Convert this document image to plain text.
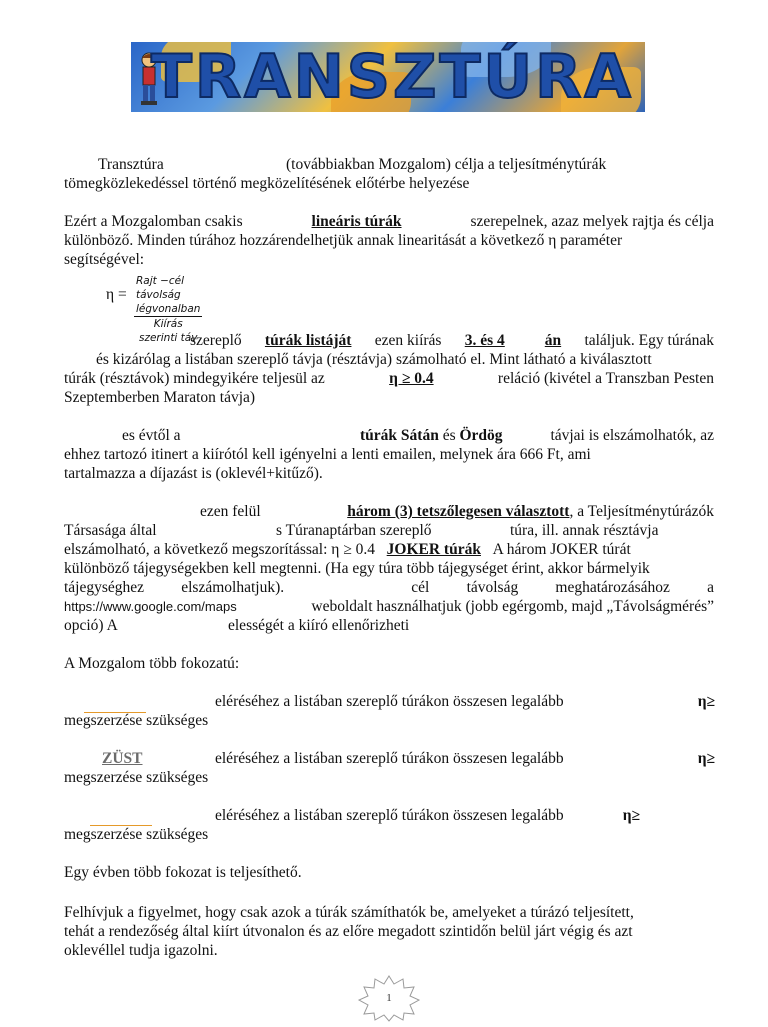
TRANSZTÚRA
Transztúra	(továbbiakban Mozgalom) célja a teljesítménytúrák
tömegközlekedéssel történő megközelítésének előtérbe helyezése
Ezért a Mozgalomban csakis	lineáris túrák	szerepelnek, azaz melyek rajtja és célja
különböző. Minden túrához hozzárendelhetjük annak linearitását a következő η paraméter
segítségével:
η =
Rajt −cél távolság légvonalban
Kiírás szerinti táv
szereplő túrák listáját ezen kiírás 3. és 4	án találjuk. Egy túrának
és kizárólag a listában szereplő távja (résztávja) számolható el. Mint látható a kiválasztott
túrák (résztávok) mindegyikére teljesül az	η ≥ 0.4	reláció (kivétel a Transzban Pesten
Szeptemberben Maraton távja)
es évtől a	túrák Sátán és Ördög	távjai is elszámolhatók, az
ehhez tartozó itinert a kiírótól kell igényelni a lenti emailen, melynek ára 666 Ft, ami
tartalmazza a díjazást is (oklevél+kitűző).
ezen felül	három (3) tetszőlegesen választott, a Teljesítménytúrázók
Társasága által	s Túranaptárban szereplő	túra, ill. annak résztávja
elszámolható, a következő megszorítással: η ≥ 0.4 JOKER túrák A három JOKER túrát
különböző tájegységekben kell megtenni. (Ha egy túra több tájegységet érint, akkor bármelyik
tájegységhez elszámolhatjuk).	cél távolság meghatározásához a
https://www.google.com/maps	weboldalt használhatjuk (jobb egérgomb, majd „Távolságmérés”
opció) A	elességét a kiíró ellenőrizheti
A Mozgalom több fokozatú:
eléréséhez a listában szereplő túrákon összesen legalább	η≥
megszerzése szükséges
ZÜST	eléréséhez a listában szereplő túrákon összesen legalább	η≥
megszerzése szükséges
eléréséhez a listában szereplő túrákon összesen legalább	η≥
megszerzése szükséges
Egy évben több fokozat is teljesíthető.
Felhívjuk a figyelmet, hogy csak azok a túrák számíthatók be, amelyeket a túrázó teljesített,
tehát a rendezőség által kiírt útvonalon és az előre megadott szintidőn belül járt végig és azt
oklevéllel tudja igazolni.
1
